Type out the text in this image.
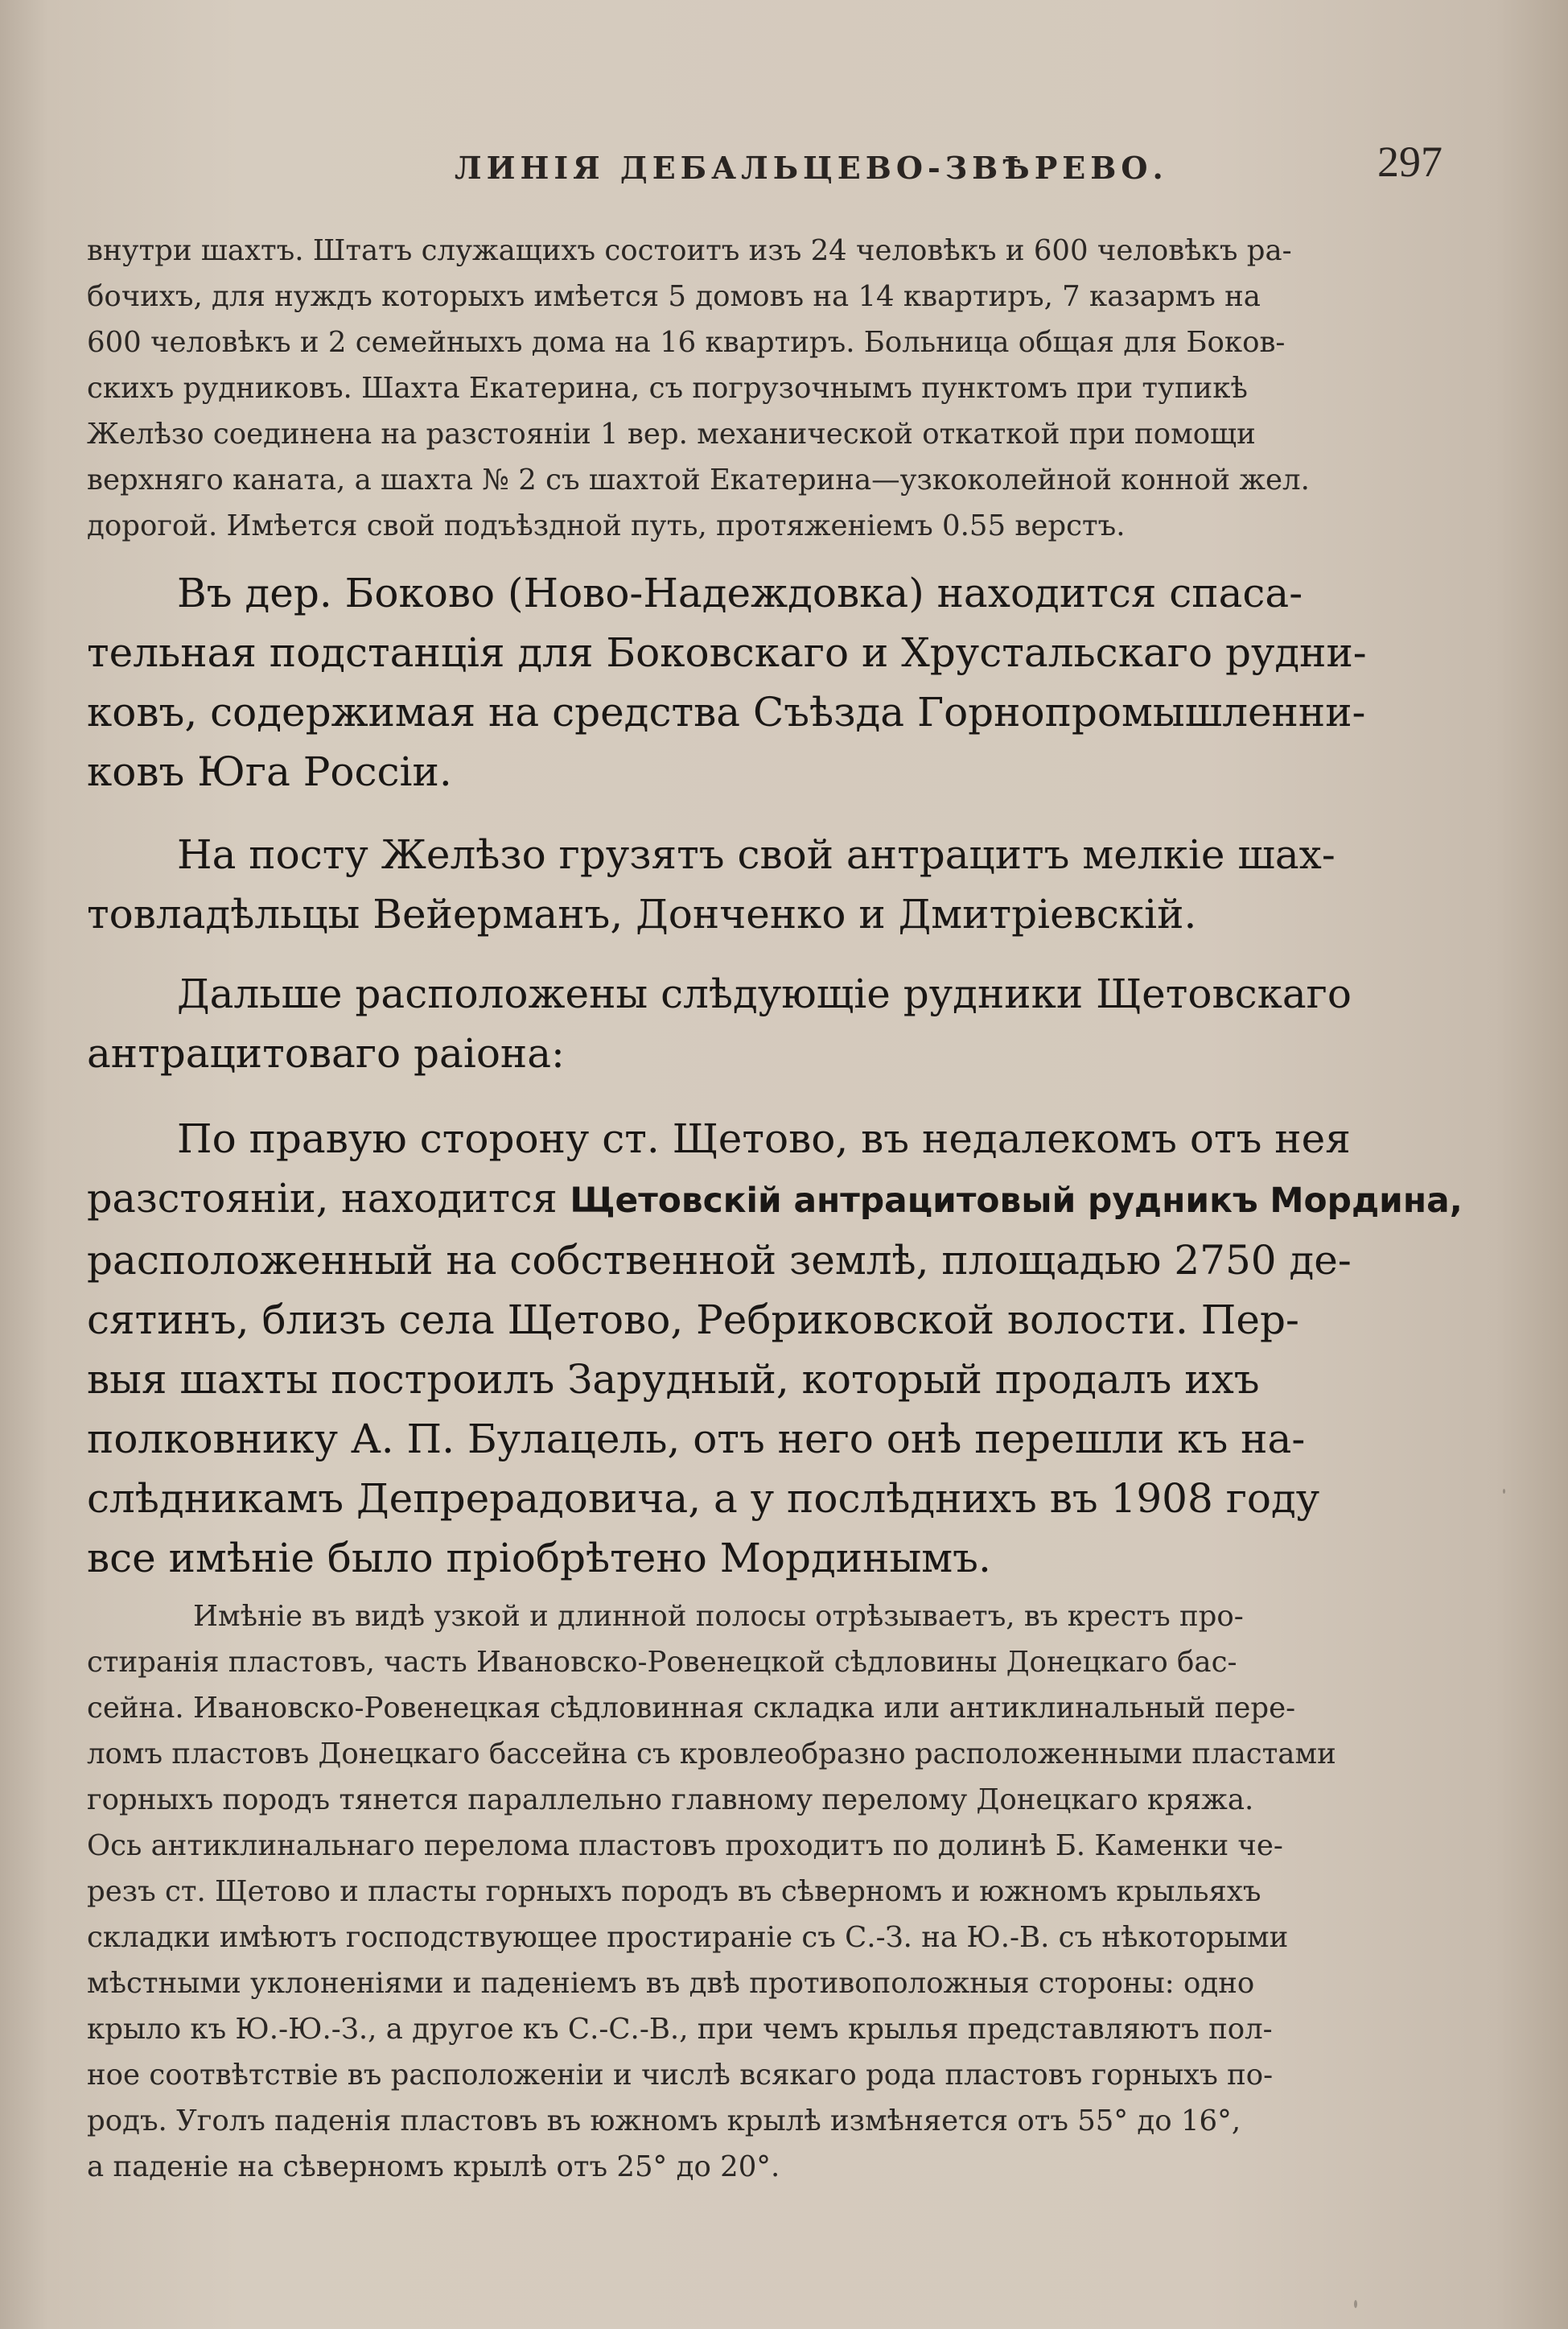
ЛИНІЯ ДЕБАЛЬЦЕВО-ЗВѢРЕВО.	297
внутри шахтъ. Штатъ служащихъ состоитъ изъ 24 человѣкъ и 600 человѣкъ ра-
бочихъ, для нуждъ которыхъ имѣется 5 домовъ на 14 квартиръ, 7 казармъ на
600 человѣкъ и 2 семейныхъ дома на 16 квартиръ. Больница общая для Боков-
скихъ рудниковъ. Шахта Екатерина, съ погрузочнымъ пунктомъ при тупикѣ
Желѣзо соединена на разстояніи 1 вер. механической откаткой при помощи
верхняго каната, а шахта № 2 съ шахтой Екатерина—узкоколейной конной жел.
дорогой. Имѣется свой подъѣздной путь, протяженіемъ 0.55 верстъ.
Въ дер. Боково (Ново-Надеждовка) находится спаса-
тельная подстанція для Боковскаго и Хрустальскаго рудни-
ковъ, содержимая на средства Съѣзда Горнопромышленни-
ковъ Юга Россіи.
На посту Желѣзо грузятъ свой антрацитъ мелкіе шах-
товладѣльцы Вейерманъ, Донченко и Дмитріевскій.
Дальше расположены слѣдующіе рудники Щетовскаго
антрацитоваго раіона:
По правую сторону ст. Щетово, въ недалекомъ отъ нея
разстояніи, находится Щетовскій антрацитовый рудникъ Мордина,
расположенный на собственной землѣ, площадью 2750 де-
сятинъ, близъ села Щетово, Ребриковской волости. Пер-
выя шахты построилъ Зарудный, который продалъ ихъ
полковнику А. П. Булацель, отъ него онѣ перешли къ на-
слѣдникамъ Депрерадовича, а у послѣднихъ въ 1908 году
все имѣніе было пріобрѣтено Мординымъ.
Имѣніе въ видѣ узкой и длинной полосы отрѣзываетъ, въ крестъ про-
стиранія пластовъ, часть Ивановско-Ровенецкой сѣдловины Донецкаго бас-
сейна. Ивановско-Ровенецкая сѣдловинная складка или антиклинальный пере-
ломъ пластовъ Донецкаго бассейна съ кровлеобразно расположенными пластами
горныхъ породъ тянется параллельно главному перелому Донецкаго кряжа.
Ось антиклинальнаго перелома пластовъ проходитъ по долинѣ Б. Каменки че-
резъ ст. Щетово и пласты горныхъ породъ въ сѣверномъ и южномъ крыльяхъ
складки имѣютъ господствующее простираніе съ С.-З. на Ю.-В. съ нѣкоторыми
мѣстными уклоненіями и паденіемъ въ двѣ противоположныя стороны: одно
крыло къ Ю.-Ю.-З., а другое къ С.-С.-В., при чемъ крылья представляютъ пол-
ное соотвѣтствіе въ расположеніи и числѣ всякаго рода пластовъ горныхъ по-
родъ. Уголъ паденія пластовъ въ южномъ крылѣ измѣняется отъ 55° до 16°,
а паденіе на сѣверномъ крылѣ отъ 25° до 20°.
